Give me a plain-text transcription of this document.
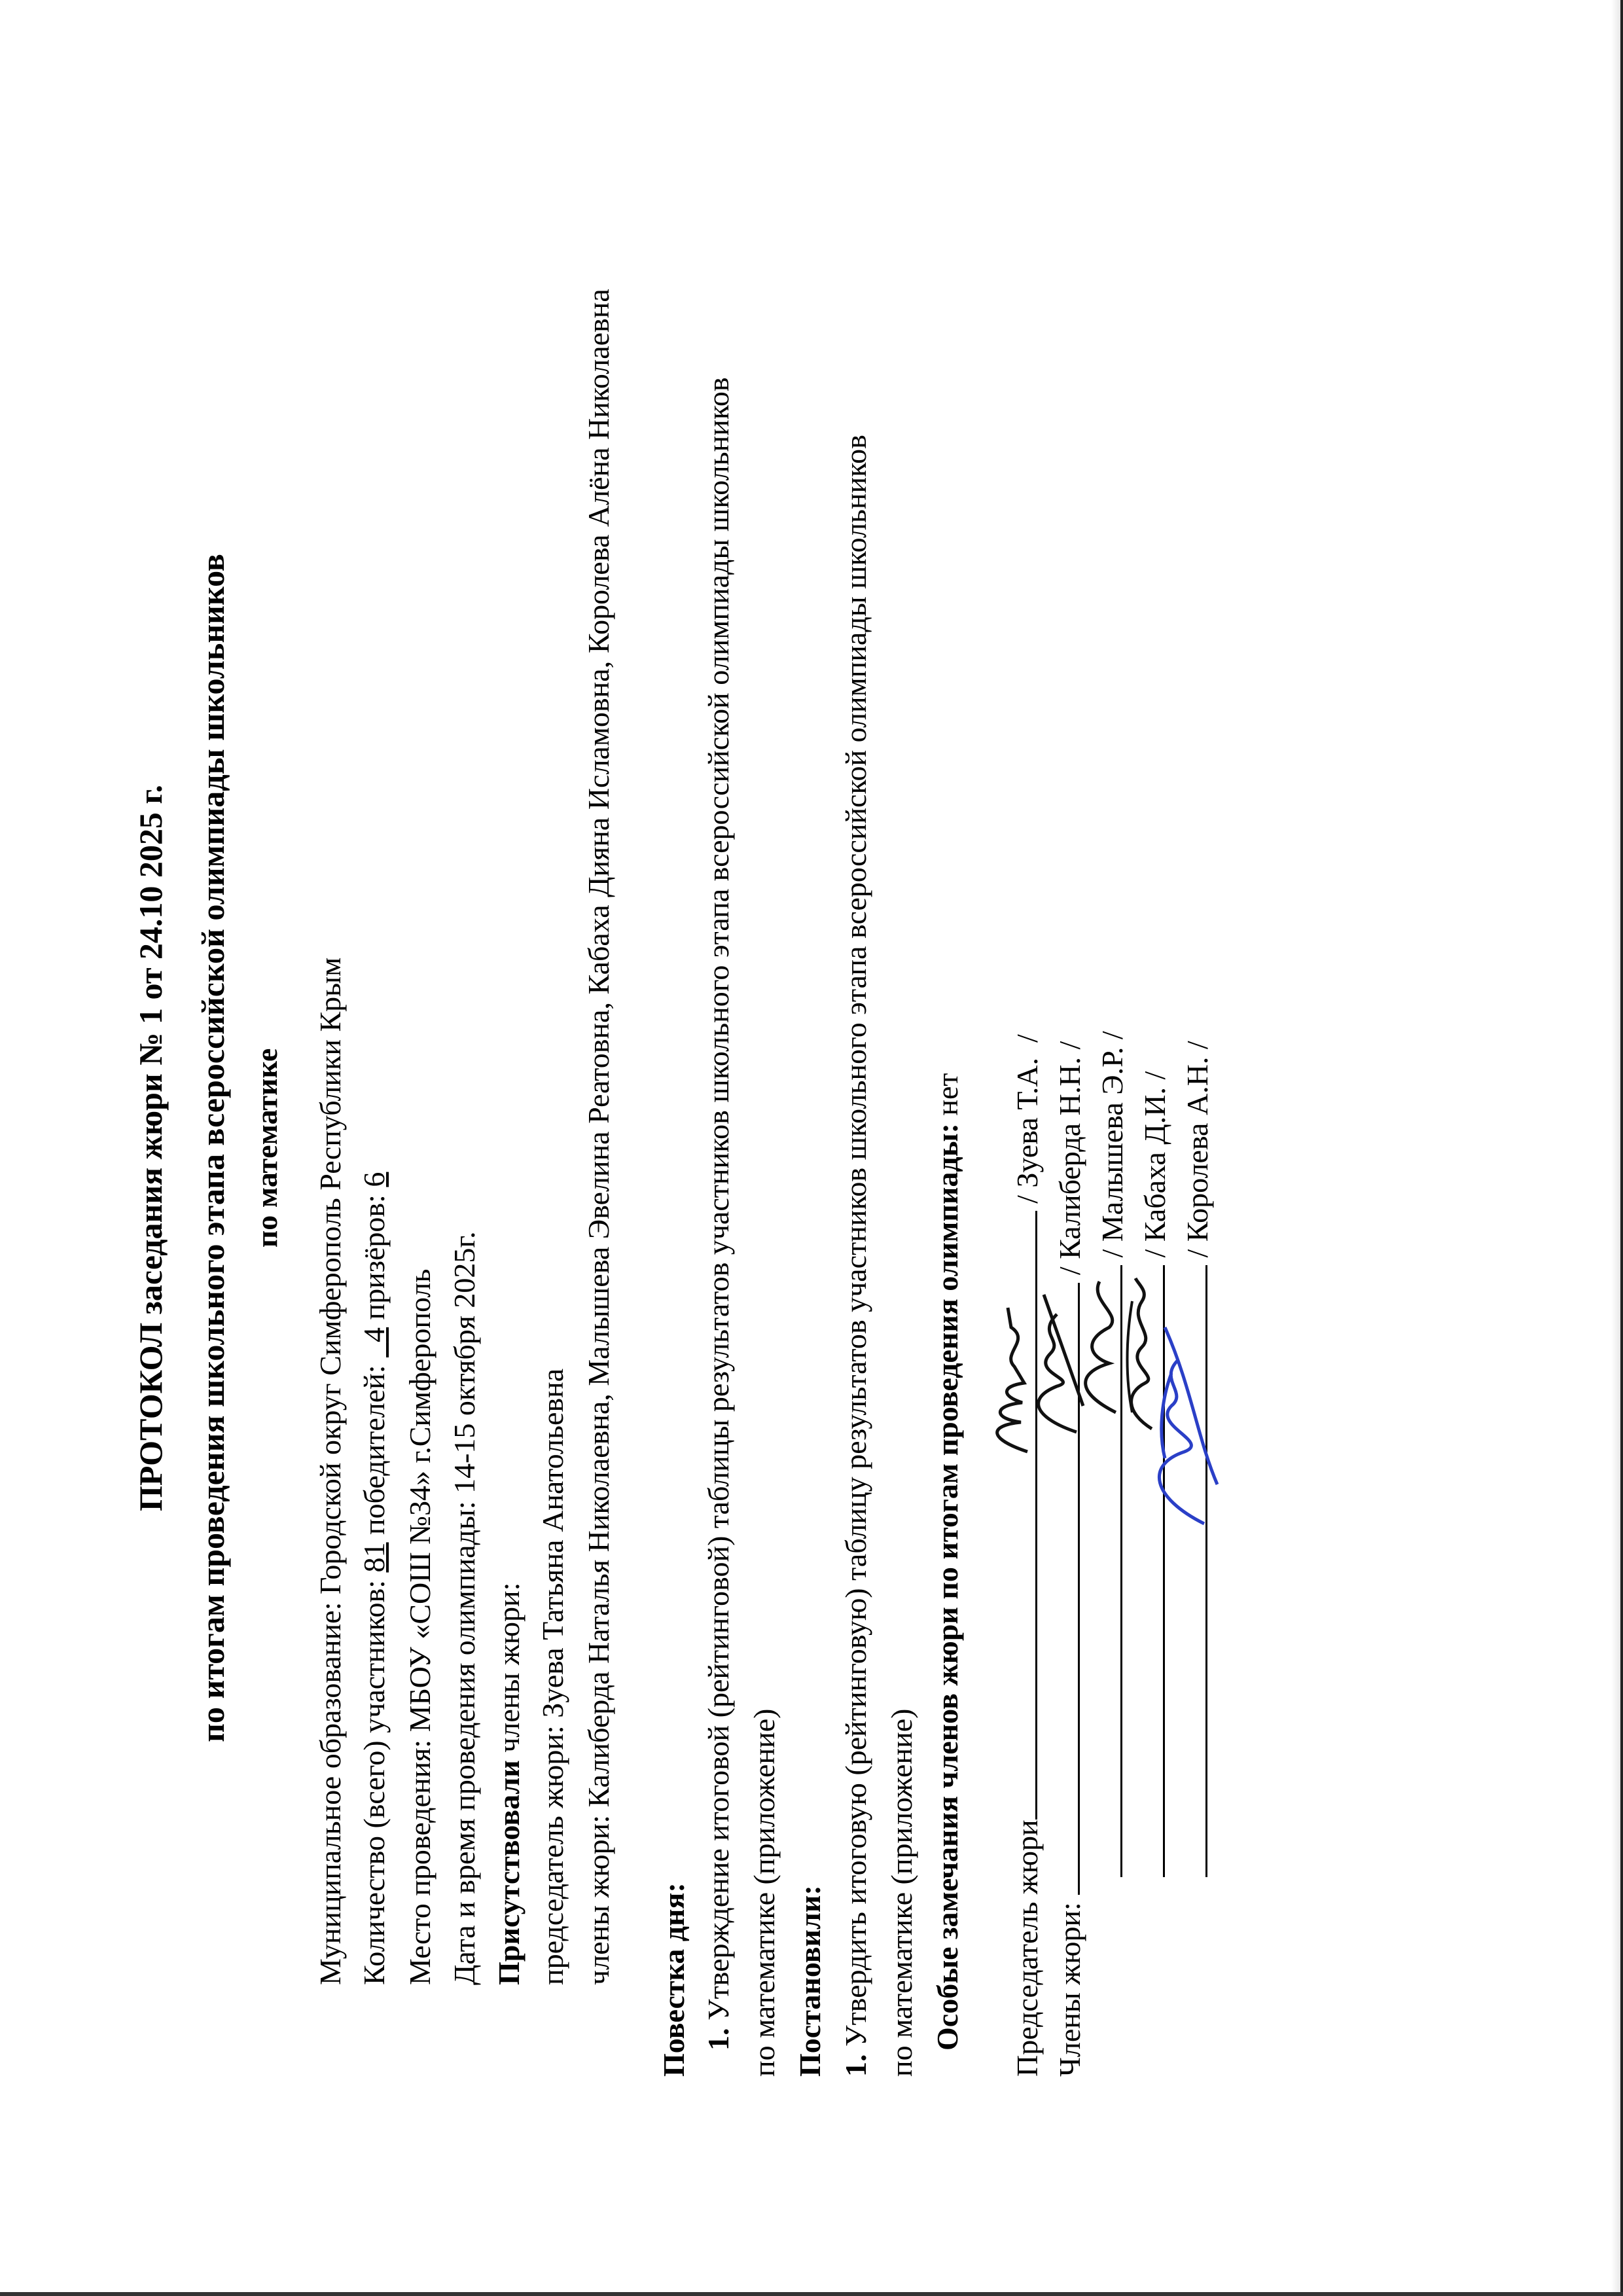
ПРОТОКОЛ заседания жюри № 1 от 24.10 2025 г. по итогам проведения школьного этапа всероссийской олимпиады школьников по математике Муниципальное образование: Городской округ Симферополь Республики Крым Количество (всего) участников: 81 победителей:   4 призёров: 6
Место проведения: МБОУ «СОШ №34» г.Симферополь Дата и время проведения олимпиады: 14-15 октября 2025г. Присутствовали члены жюри: председатель жюри: Зуева Татьяна Анатольевна члены жюри: Калиберда Наталья Николаевна, Малышева Эвелина Реатовна, Кабаха Дияна Исламовна, Королева Алёна Николаевна Повестка дня: 1. Утверждение итоговой (рейтинговой) таблицы результатов участников школьного этапа всероссийской олимпиады школьников по математике (приложение) Постановили: 1. Утвердить итоговую (рейтинговую) таблицу результатов участников школьного этапа всероссийской олимпиады школьников по математике (приложение) Особые замечания членов жюри по итогам проведения олимпиады: нет
Председатель жюри / Зуева Т.А.  /
Члены жюри:  / Калиберда Н.Н. /
/ Малышева Э.Р. /
/ Кабаха Д.И. /
/ Королева А.Н. /
